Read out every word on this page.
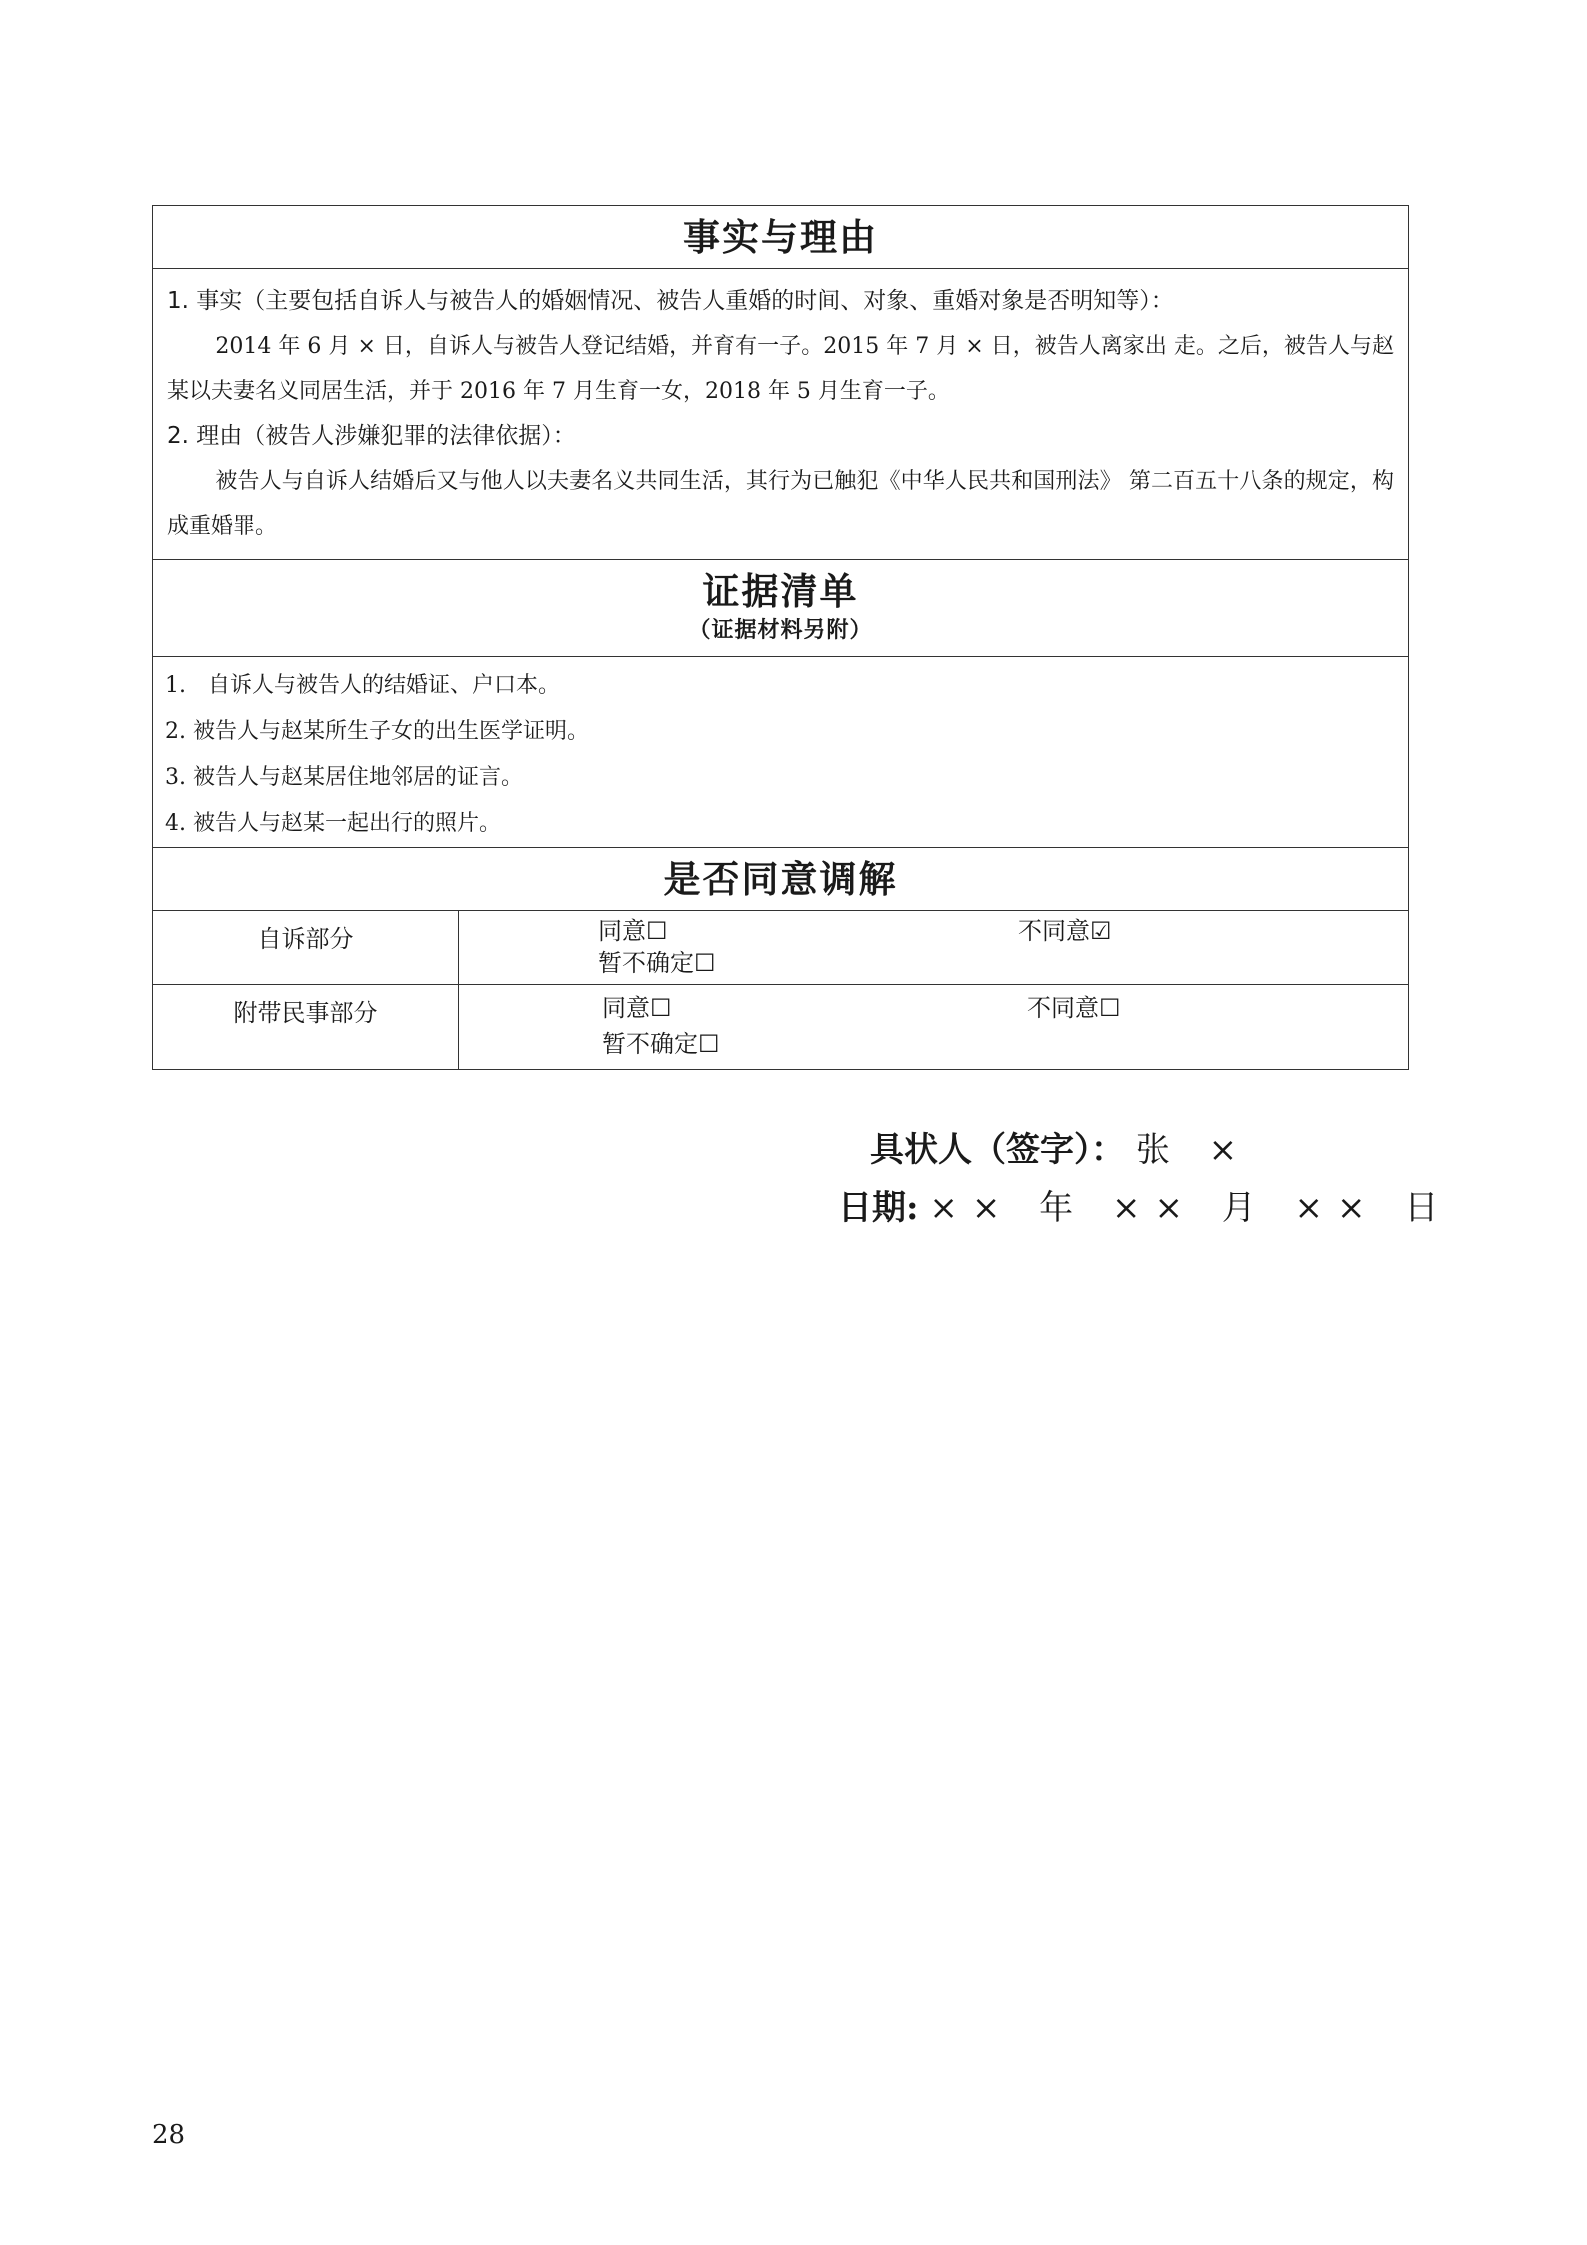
事实与理由	

1. 事实（主要包括自诉人与被告人的婚姻情况、被告人重婚的时间、对象、重婚对象是否明知等）：

2014 年 6 月 × 日，自诉人与被告人登记结婚，并育有一子。2015 年 7 月 × 日，被告人离家出 走。之后，被告人与赵某以夫妻名义同居生活，并于 2016 年 7 月生育一女，2018 年 5 月生育一子。

2. 理由（被告人涉嫌犯罪的法律依据）：

被告人与自诉人结婚后又与他人以夫妻名义共同生活，其行为已触犯《中华人民共和国刑法》 第二百五十八条的规定，构成重婚罪。	

证据清单
（证据材料另附）	

1.　自诉人与被告人的结婚证、户口本。
2. 被告人与赵某所生子女的出生医学证明。
3. 被告人与赵某居住地邻居的证言。
4. 被告人与赵某一起出行的照片。	

是否同意调解	
自诉部分	同意☐ 不同意☑
暂不确定☐

附带民事部分	同意☐ 不同意☐
暂不确定☐
具状人（签字）： 张 ×
日期: ×× 年 ×× 月 ×× 日
28
